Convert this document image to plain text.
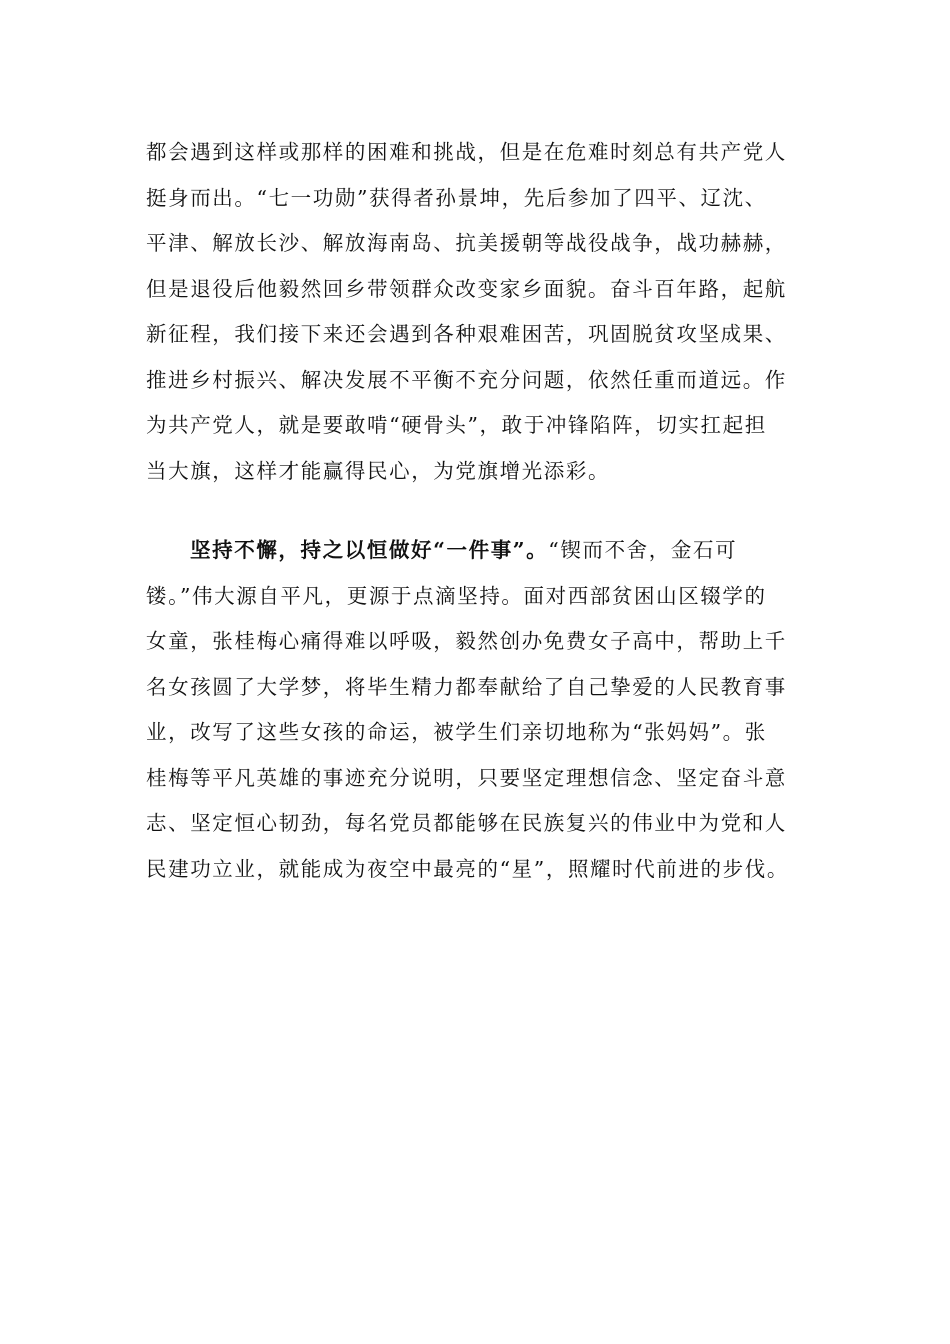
都会遇到这样或那样的困难和挑战，但是在危难时刻总有共产党人
挺身而出。“七一功勋”获得者孙景坤，先后参加了四平、辽沈、
平津、解放长沙、解放海南岛、抗美援朝等战役战争，战功赫赫，
但是退役后他毅然回乡带领群众改变家乡面貌。奋斗百年路，起航
新征程，我们接下来还会遇到各种艰难困苦，巩固脱贫攻坚成果、
推进乡村振兴、解决发展不平衡不充分问题，依然任重而道远。作
为共产党人，就是要敢啃“硬骨头”，敢于冲锋陷阵，切实扛起担
当大旗，这样才能赢得民心，为党旗增光添彩。
坚持不懈，持之以恒做好“一件事”。“锲而不舍，金石可
镂。”伟大源自平凡，更源于点滴坚持。面对西部贫困山区辍学的
女童，张桂梅心痛得难以呼吸，毅然创办免费女子高中，帮助上千
名女孩圆了大学梦，将毕生精力都奉献给了自己挚爱的人民教育事
业，改写了这些女孩的命运，被学生们亲切地称为“张妈妈”。张
桂梅等平凡英雄的事迹充分说明，只要坚定理想信念、坚定奋斗意
志、坚定恒心韧劲，每名党员都能够在民族复兴的伟业中为党和人
民建功立业，就能成为夜空中最亮的“星”，照耀时代前进的步伐。
